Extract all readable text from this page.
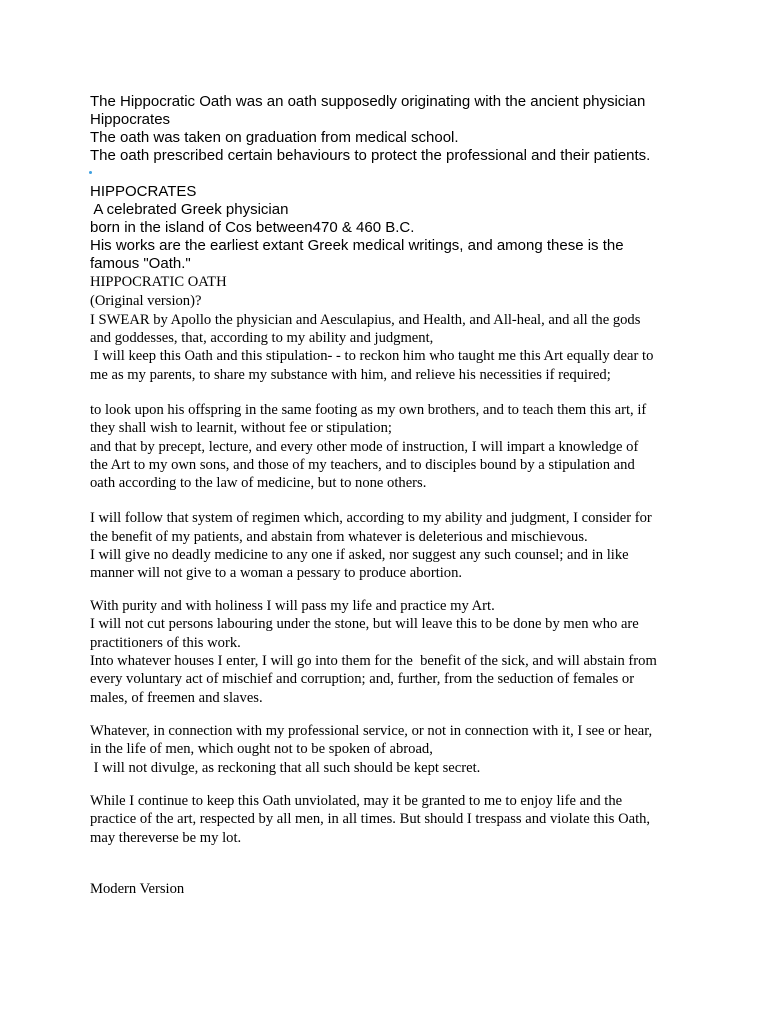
The Hippocratic Oath was an oath supposedly originating with the ancient physician
Hippocrates
The oath was taken on graduation from medical school.
The oath prescribed certain behaviours to protect the professional and their patients.
HIPPOCRATES
A celebrated Greek physician
born in the island of Cos between470 & 460 B.C.
His works are the earliest extant Greek medical writings, and among these is the
famous "Oath."
HIPPOCRATIC OATH
(Original version)?
I SWEAR by Apollo the physician and Aesculapius, and Health, and All-heal, and all the gods
and goddesses, that, according to my ability and judgment,
I will keep this Oath and this stipulation- - to reckon him who taught me this Art equally dear to
me as my parents, to share my substance with him, and relieve his necessities if required;
to look upon his offspring in the same footing as my own brothers, and to teach them this art, if
they shall wish to learnit, without fee or stipulation;
and that by precept, lecture, and every other mode of instruction, I will impart a knowledge of
the Art to my own sons, and those of my teachers, and to disciples bound by a stipulation and
oath according to the law of medicine, but to none others.
I will follow that system of regimen which, according to my ability and judgment, I consider for
the benefit of my patients, and abstain from whatever is deleterious and mischievous.
I will give no deadly medicine to any one if asked, nor suggest any such counsel; and in like
manner will not give to a woman a pessary to produce abortion.
With purity and with holiness I will pass my life and practice my Art.
I will not cut persons labouring under the stone, but will leave this to be done by men who are
practitioners of this work.
Into whatever houses I enter, I will go into them for the  benefit of the sick, and will abstain from
every voluntary act of mischief and corruption; and, further, from the seduction of females or
males, of freemen and slaves.
Whatever, in connection with my professional service, or not in connection with it, I see or hear,
in the life of men, which ought not to be spoken of abroad,
I will not divulge, as reckoning that all such should be kept secret.
While I continue to keep this Oath unviolated, may it be granted to me to enjoy life and the
practice of the art, respected by all men, in all times. But should I trespass and violate this Oath,
may thereverse be my lot.
Modern Version
